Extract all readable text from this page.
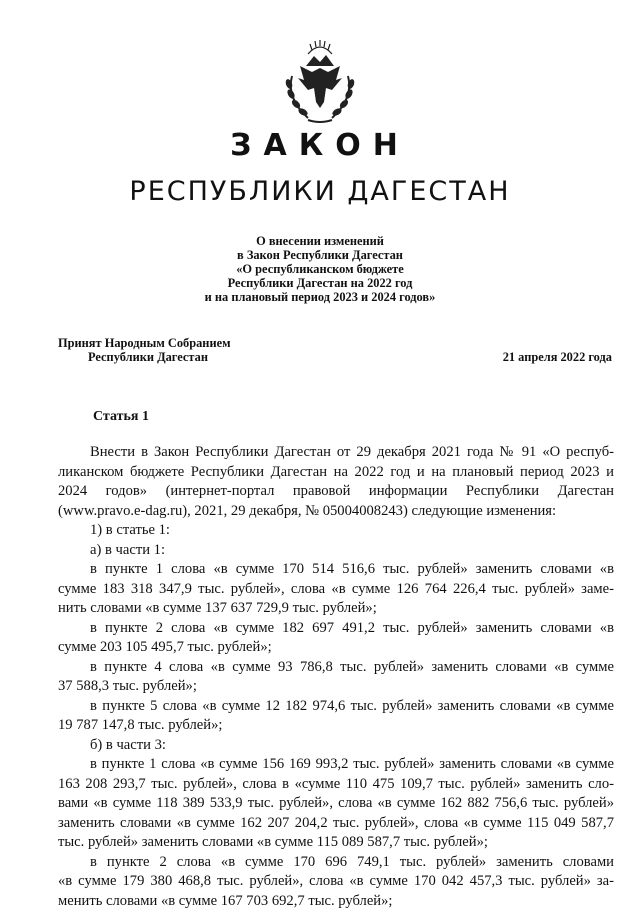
ЗАКОН
РЕСПУБЛИКИ ДАГЕСТАН
О внесении изменений
в Закон Республики Дагестан
«О республиканском бюджете
Республики Дагестан на 2022 год
и на плановый период 2023 и 2024 годов»
Принят Народным Собранием
Республики Дагестан	21 апреля 2022 года
Статья 1

Внести в Закон Республики Дагестан от 29 декабря 2021 года № 91 «О респуб-

ликанском бюджете Республики Дагестан на 2022 год и на плановый период 2023 и

2024 годов» (интернет-портал правовой информации Республики Дагестан

(www.pravo.e-dag.ru), 2021, 29 декабря, № 05004008243) следующие изменения:

1) в статье 1:

а) в части 1:

в пункте 1 слова «в сумме 170 514 516,6 тыс. рублей» заменить словами «в

сумме 183 318 347,9 тыс. рублей», слова «в сумме 126 764 226,4 тыс. рублей» заме-

нить словами «в сумме 137 637 729,9 тыс. рублей»;

в пункте 2 слова «в сумме 182 697 491,2 тыс. рублей» заменить словами «в

сумме 203 105 495,7 тыс. рублей»;

в пункте 4 слова «в сумме 93 786,8 тыс. рублей» заменить словами «в сумме

37 588,3 тыс. рублей»;

в пункте 5 слова «в сумме 12 182 974,6 тыс. рублей» заменить словами «в сумме

19 787 147,8 тыс. рублей»;

б) в части 3:

в пункте 1 слова «в сумме 156 169 993,2 тыс. рублей» заменить словами «в сумме

163 208 293,7 тыс. рублей», слова в «сумме 110 475 109,7 тыс. рублей» заменить сло-

вами «в сумме 118 389 533,9 тыс. рублей», слова «в сумме 162 882 756,6 тыс. рублей»

заменить словами «в сумме 162 207 204,2 тыс. рублей», слова «в сумме 115 049 587,7

тыс. рублей» заменить словами «в сумме 115 089 587,7 тыс. рублей»;

в пункте 2 слова «в сумме 170 696 749,1 тыс. рублей» заменить словами

«в сумме 179 380 468,8 тыс. рублей», слова «в сумме 170 042 457,3 тыс. рублей» за-

менить словами «в сумме 167 703 692,7 тыс. рублей»;
